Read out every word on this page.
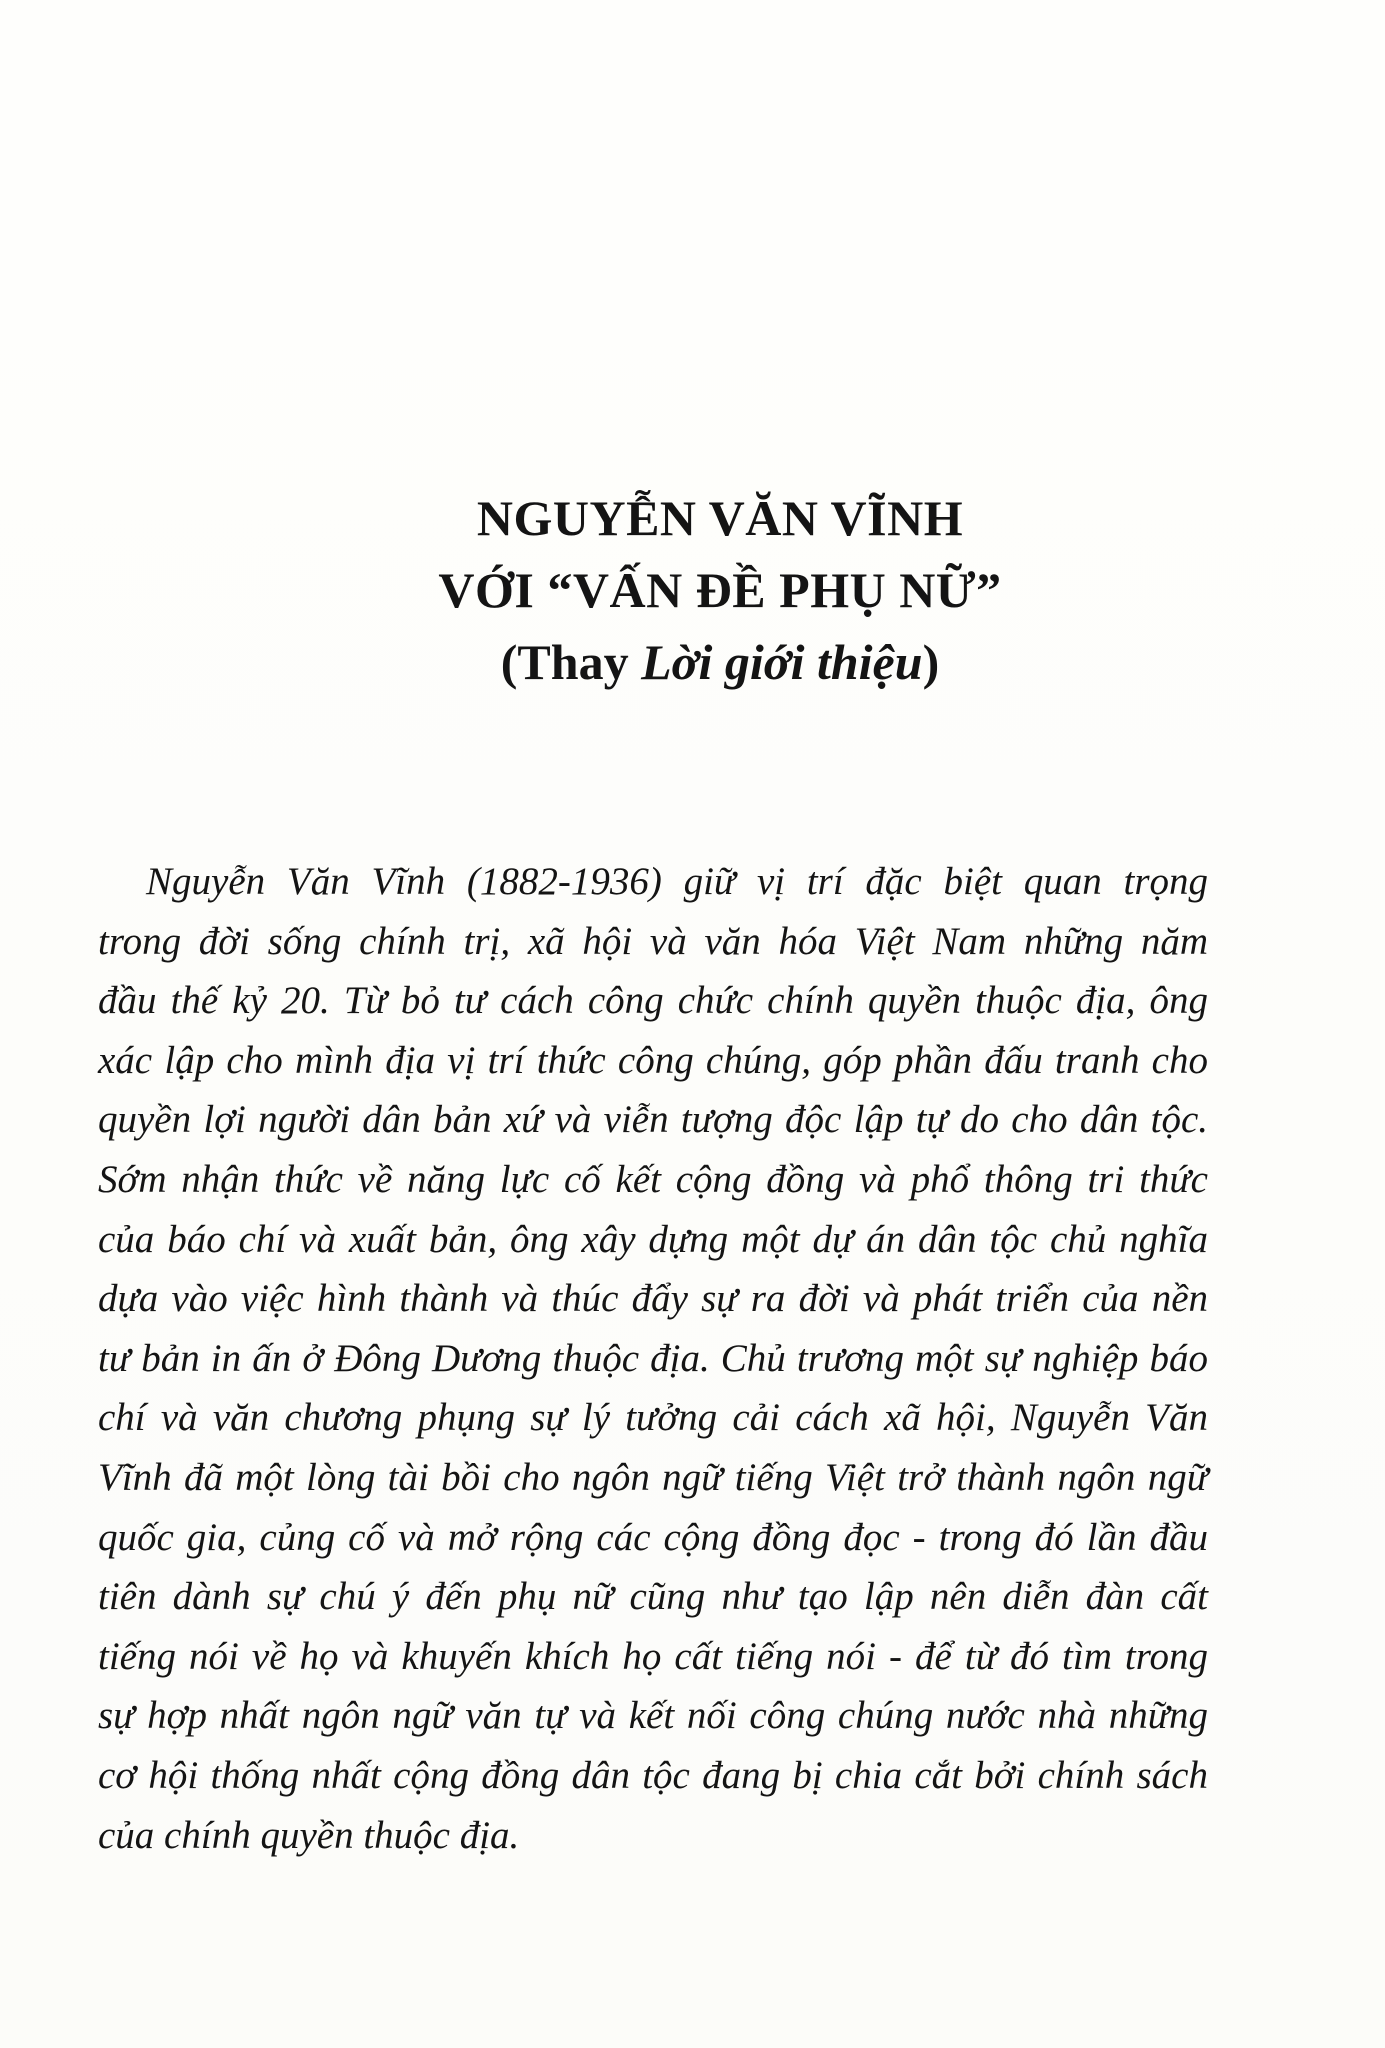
NGUYỄN VĂN VĨNH
VỚI “VẤN ĐỀ PHỤ NỮ”
(Thay Lời giới thiệu)
Nguyễn Văn Vĩnh (1882-1936) giữ vị trí đặc biệt quan trọng
trong đời sống chính trị, xã hội và văn hóa Việt Nam những năm
đầu thế kỷ 20. Từ bỏ tư cách công chức chính quyền thuộc địa, ông
xác lập cho mình địa vị trí thức công chúng, góp phần đấu tranh cho
quyền lợi người dân bản xứ và viễn tượng độc lập tự do cho dân tộc.
Sớm nhận thức về năng lực cố kết cộng đồng và phổ thông tri thức
của báo chí và xuất bản, ông xây dựng một dự án dân tộc chủ nghĩa
dựa vào việc hình thành và thúc đẩy sự ra đời và phát triển của nền
tư bản in ấn ở Đông Dương thuộc địa. Chủ trương một sự nghiệp báo
chí và văn chương phụng sự lý tưởng cải cách xã hội, Nguyễn Văn
Vĩnh đã một lòng tài bồi cho ngôn ngữ tiếng Việt trở thành ngôn ngữ
quốc gia, củng cố và mở rộng các cộng đồng đọc - trong đó lần đầu
tiên dành sự chú ý đến phụ nữ cũng như tạo lập nên diễn đàn cất
tiếng nói về họ và khuyến khích họ cất tiếng nói - để từ đó tìm trong
sự hợp nhất ngôn ngữ văn tự và kết nối công chúng nước nhà những
cơ hội thống nhất cộng đồng dân tộc đang bị chia cắt bởi chính sách
của chính quyền thuộc địa.
